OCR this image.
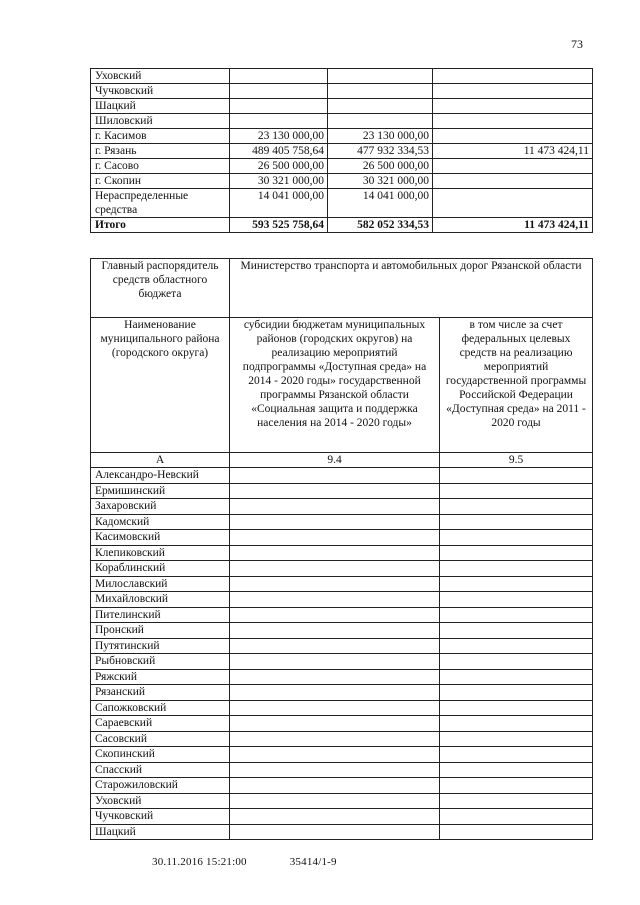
73
Уховский			
Чучковский			
Шацкий			
Шиловский			
г. Касимов	23 130 000,00	23 130 000,00	
г. Рязань	489 405 758,64	477 932 334,53	11 473 424,11
г. Сасово	26 500 000,00	26 500 000,00	
г. Скопин	30 321 000,00	30 321 000,00	
Нераспределенные средства	14 041 000,00	14 041 000,00	
Итого	593 525 758,64	582 052 334,53	11 473 424,11
Главный распорядитель средств областного бюджета	Министерство транспорта и автомобильных дорог Рязанской области	
Наименование муниципального района (городского округа)	субсидии бюджетам муниципальных районов (городских округов) на реализацию мероприятий подпрограммы «Доступная среда» на 2014 - 2020 годы» государственной программы Рязанской области «Социальная защита и поддержка населения на 2014 - 2020 годы»	в том числе за счет федеральных целевых средств на реализацию мероприятий государственной программы Российской Федерации «Доступная среда» на 2011 - 2020 годы
А	9.4	9.5
Александро-Невский		
Ермишинский		
Захаровский		
Кадомский		
Касимовский		
Клепиковский		
Кораблинский		
Милославский		
Михайловский		
Пителинский		
Пронский		
Путятинский		
Рыбновский		
Ряжский		
Рязанский		
Сапожковский		
Сараевский		
Сасовский		
Скопинский		
Спасский		
Старожиловский		
Уховский		
Чучковский		
Шацкий		
30.11.2016 15:21:00	35414/1-9
